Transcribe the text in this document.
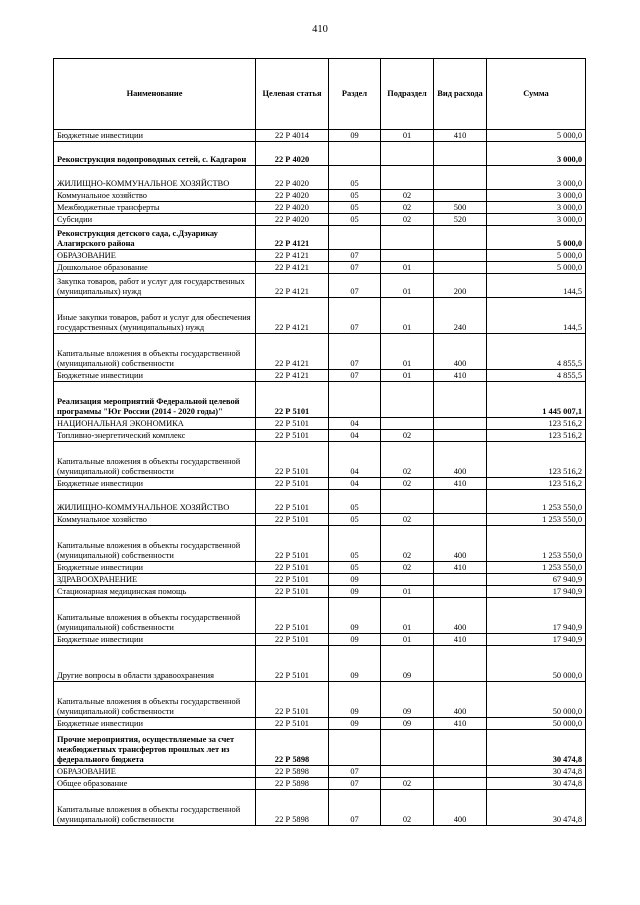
410
Наименование	Целевая статья	Раздел	Подраздел	Вид расхода	Сумма
Бюджетные инвестиции	22 Р 4014	09	01	410	5 000,0
Реконструкция водопроводных сетей, с. Кадгарон	22 Р 4020				3 000,0
ЖИЛИЩНО-КОММУНАЛЬНОЕ ХОЗЯЙСТВО	22 Р 4020	05			3 000,0
Коммунальное хозяйство	22 Р 4020	05	02		3 000,0
Межбюджетные трансферты	22 Р 4020	05	02	500	3 000,0
Субсидии	22 Р 4020	05	02	520	3 000,0
Реконструкция детского сада, с.Дзуарикау Алагирского района	22 Р 4121				5 000,0
ОБРАЗОВАНИЕ	22 Р 4121	07			5 000,0
Дошкольное образование	22 Р 4121	07	01		5 000,0
Закупка товаров, работ и услуг для государственных (муниципальных) нужд	22 Р 4121	07	01	200	144,5
Иные закупки товаров, работ и услуг для обеспечения государственных (муниципальных) нужд	22 Р 4121	07	01	240	144,5
Капитальные вложения в объекты государственной (муниципальной) собственности	22 Р 4121	07	01	400	4 855,5
Бюджетные инвестиции	22 Р 4121	07	01	410	4 855,5
Реализация мероприятий Федеральной целевой программы "Юг России (2014 - 2020 годы)"	22 Р 5101				1 445 007,1
НАЦИОНАЛЬНАЯ ЭКОНОМИКА	22 Р 5101	04			123 516,2
Топливно-энергетический комплекс	22 Р 5101	04	02		123 516,2
Капитальные вложения в объекты государственной (муниципальной) собственности	22 Р 5101	04	02	400	123 516,2
Бюджетные инвестиции	22 Р 5101	04	02	410	123 516,2
ЖИЛИЩНО-КОММУНАЛЬНОЕ ХОЗЯЙСТВО	22 Р 5101	05			1 253 550,0
Коммунальное хозяйство	22 Р 5101	05	02		1 253 550,0
Капитальные вложения в объекты государственной (муниципальной) собственности	22 Р 5101	05	02	400	1 253 550,0
Бюджетные инвестиции	22 Р 5101	05	02	410	1 253 550,0
ЗДРАВООХРАНЕНИЕ	22 Р 5101	09			67 940,9
Стационарная медицинская помощь	22 Р 5101	09	01		17 940,9
Капитальные вложения в объекты государственной (муниципальной) собственности	22 Р 5101	09	01	400	17 940,9
Бюджетные инвестиции	22 Р 5101	09	01	410	17 940,9
Другие вопросы в области здравоохранения	22 Р 5101	09	09		50 000,0
Капитальные вложения в объекты государственной (муниципальной) собственности	22 Р 5101	09	09	400	50 000,0
Бюджетные инвестиции	22 Р 5101	09	09	410	50 000,0
Прочие мероприятия, осуществляемые за счет межбюджетных трансфертов прошлых лет из федерального бюджета	22 Р 5898				30 474,8
ОБРАЗОВАНИЕ	22 Р 5898	07			30 474,8
Общее образование	22 Р 5898	07	02		30 474,8
Капитальные вложения в объекты государственной (муниципальной) собственности	22 Р 5898	07	02	400	30 474,8
